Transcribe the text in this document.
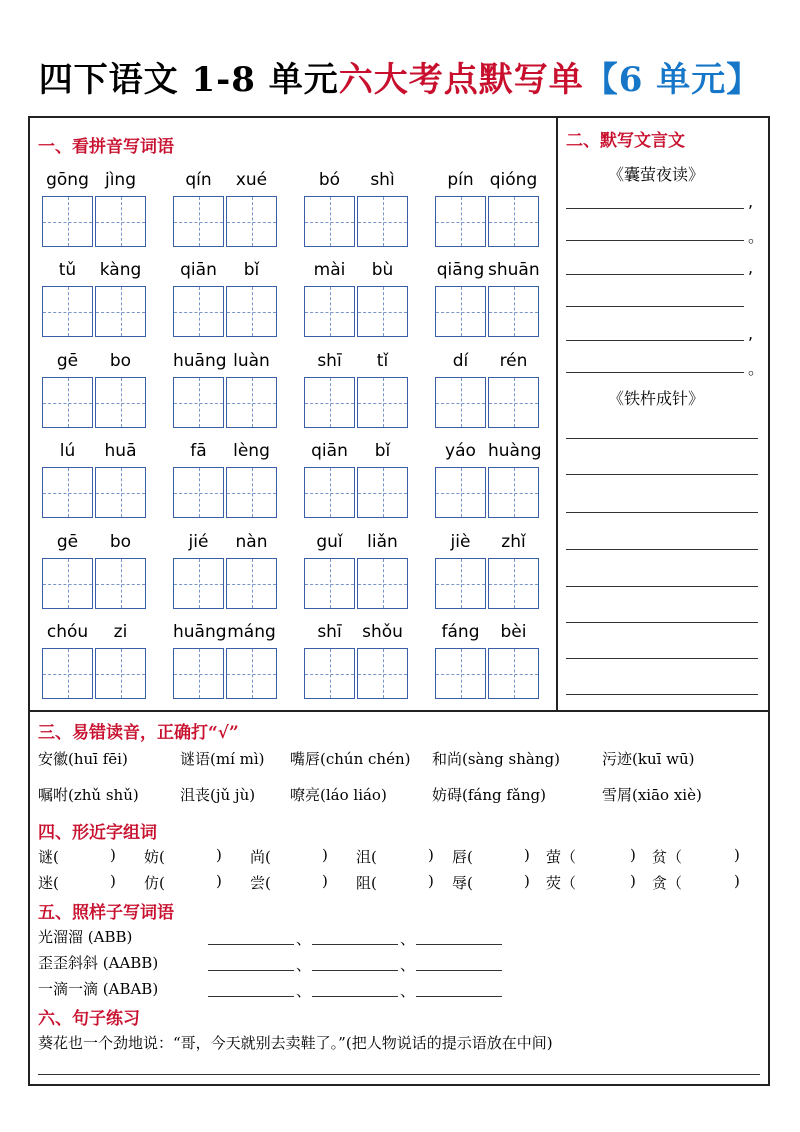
四下语文 1-8 单元六大考点默写单【6 单元】
一、看拼音写词语
gōng jìng	qín	xué	bó	shì	pín qióng
tǔ	kàng	qiān	bǐ	mài	bù	qiāng shuān
gē	bo	huāng luàn	shī	tǐ	dí	rén
lú	huā	fā	lèng	qiān	bǐ	yáo huàng
gē	bo	jié	nàn	guǐ	liǎn	jiè	zhǐ
chóu	zi	huāng máng	shī	shǒu	fáng	bèi
二、默写文言文
《囊萤夜读》
,
。
,
,
。
《铁杵成针》
三、易错读音，正确打“√”
安徽(huī fēi)	谜语(mí mì) 嘴唇(chún chén) 和尚(sàng shàng)	污迹(kuī wū)
嘱咐(zhǔ shǔ)	沮丧(jǔ jù) 嘹亮(láo liáo)	妨碍(fáng fǎng)	雪屑(xiāo xiè)
四、形近字组词
谜(	) 妨(	) 尚(	) 沮(	) 唇(	) 萤（	) 贫（	)
迷(	) 仿(	) 尝(	) 阻(	) 辱(	) 荧（	) 贪（	)
五、照样子写词语
光溜溜 (ABB)	、	、
歪歪斜斜 (AABB)	、	、
一滴一滴 (ABAB)	、	、
六、句子练习
葵花也一个劲地说：“哥，今天就别去卖鞋了。”(把人物说话的提示语放在中间)
